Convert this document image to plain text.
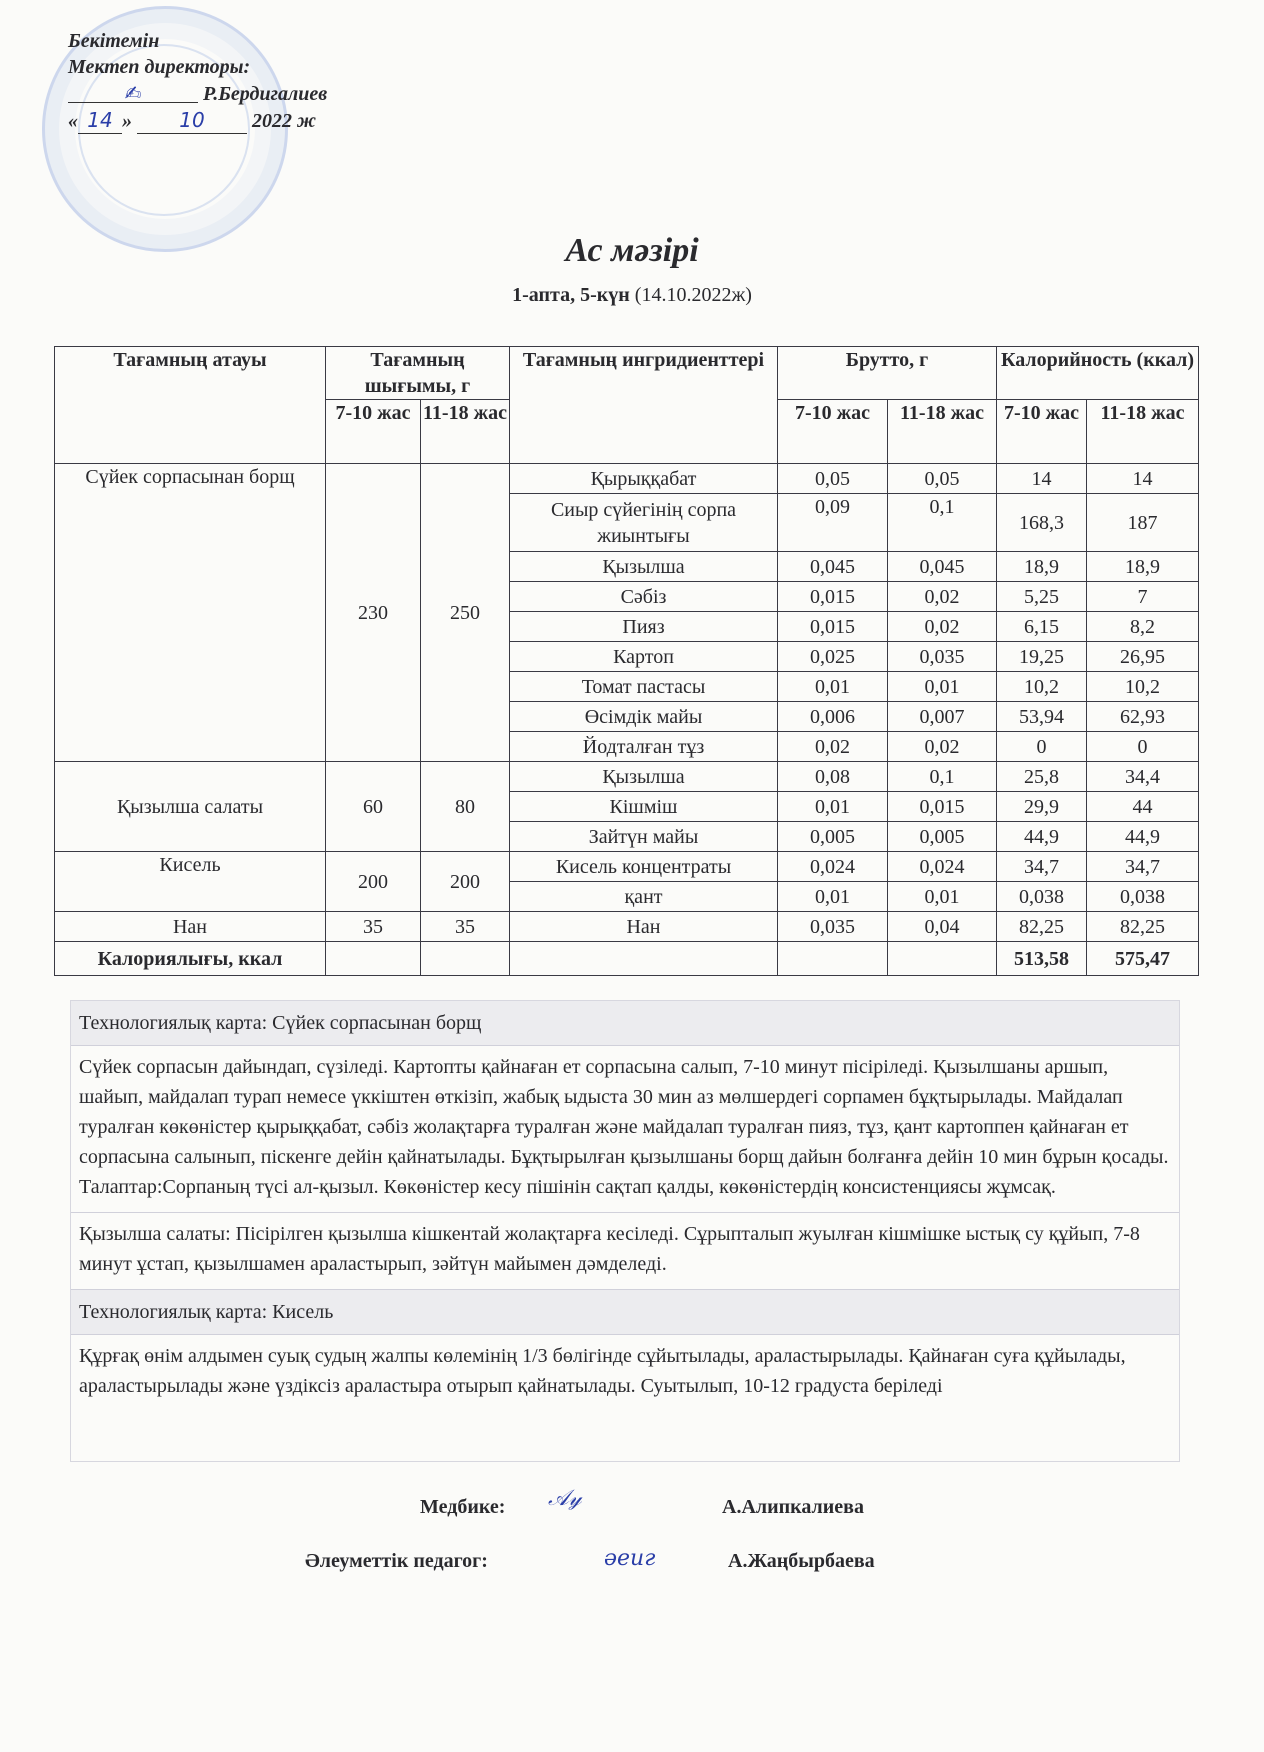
Бекітемін
Мектеп директоры:
✍	Р.Бердигалиев
« 14 » 10 2022 ж
Ас мәзірі
1-апта, 5-күн (14.10.2022ж)
Тағамның атауы	Тағамның шығымы, г		Тағамның ингридиенттері	Брутто, г		Калорийность (ккал)	
	7-10 жас	11-18 жас		7-10 жас	11-18 жас	7-10 жас	11-18 жас
Сүйек сорпасынан борщ	230	250	Қырыққабат	0,05	0,05	14	14
			Сиыр сүйегінің сорпа жиынтығы	0,09	0,1	168,3	187
			Қызылша	0,045	0,045	18,9	18,9
			Сәбіз	0,015	0,02	5,25	7
			Пияз	0,015	0,02	6,15	8,2
			Картоп	0,025	0,035	19,25	26,95
			Томат пастасы	0,01	0,01	10,2	10,2
			Өсімдік майы	0,006	0,007	53,94	62,93
			Йодталған тұз	0,02	0,02	0	0
Қызылша салаты	60	80	Қызылша	0,08	0,1	25,8	34,4
			Кішміш	0,01	0,015	29,9	44
			Зайтүн майы	0,005	0,005	44,9	44,9
Кисель	200	200	Кисель концентраты	0,024	0,024	34,7	34,7
			қант	0,01	0,01	0,038	0,038
Нан	35	35	Нан	0,035	0,04	82,25	82,25
Калориялығы, ккал						513,58	575,47
Технологиялық карта: Сүйек сорпасынан борщ
Сүйек сорпасын дайындап, сүзіледі. Картопты қайнаған ет сорпасына салып, 7-10 минут пісіріледі. Қызылшаны аршып, шайып, майдалап турап немесе үккіштен өткізіп, жабық ыдыста 30 мин аз мөлшердегі сорпамен бұқтырылады. Майдалап туралған көкөністер қырыққабат, сәбіз жолақтарға туралған және майдалап туралған пияз, тұз, қант картоппен қайнаған ет сорпасына салынып, піскенге дейін қайнатылады. Бұқтырылған қызылшаны борщ дайын болғанға дейін 10 мин бұрын қосады. Талаптар:Сорпаның түсі ал-қызыл. Көкөністер кесу пішінін сақтап қалды, көкөністердің консистенциясы жұмсақ.
Қызылша салаты: Пісірілген қызылша кішкентай жолақтарға кесіледі. Сұрыпталып жуылған кішмішке ыстық су құйып, 7-8 минут ұстап, қызылшамен араластырып, зәйтүн майымен дәмделеді.
Технологиялық карта: Кисель
Құрғақ өнім алдымен суық судың жалпы көлемінің 1/3 бөлігінде сұйытылады, араластырылады. Қайнаған суға құйылады, араластырылады және үздіксіз араластыра отырып қайнатылады. Суытылып, 10-12 градуста беріледі
Медбике: 𝒜𝓎	А.Алипкалиева
Әлеуметтік педагог:	ǝeиг	А.Жаңбырбаева
